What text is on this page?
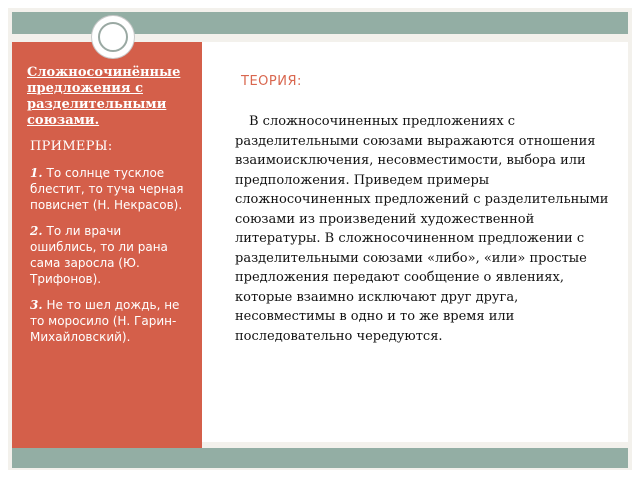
Сложносочинённые предложения с разделительными союзами.

ПРИМЕРЫ:

1. То солнце тусклое блестит, то туча черная повиснет (Н. Некрасов).
2. То ли врачи ошиблись, то ли рана сама заросла (Ю. Трифонов).
3. Не то шел дождь, не то моросило (Н. Гарин-Михайловский).

ТЕОРИЯ:

В сложносочиненных предложениях с разделительными союзами выражаются отношения взаимоисключения, несовместимости, выбора или предположения. Приведем примеры сложносочиненных предложений с разделительными союзами из произведений художественной литературы. В сложносочиненном предложении с разделительными союзами «либо», «или» простые предложения передают сообщение о явлениях, которые взаимно исключают друг друга, несовместимы в одно и то же время или последовательно чередуются.
